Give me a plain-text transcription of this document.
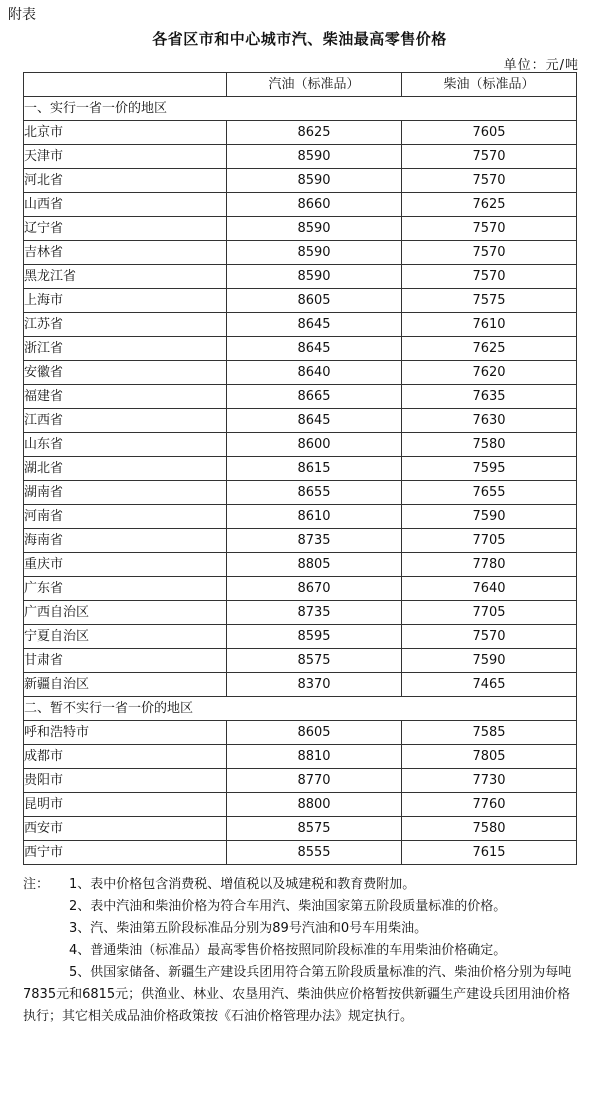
附表
各省区市和中心城市汽、柴油最高零售价格
单位：元/吨
	汽油（标准品）	柴油（标准品）
一、实行一省一价的地区		
北京市	8625	7605
天津市	8590	7570
河北省	8590	7570
山西省	8660	7625
辽宁省	8590	7570
吉林省	8590	7570
黑龙江省	8590	7570
上海市	8605	7575
江苏省	8645	7610
浙江省	8645	7625
安徽省	8640	7620
福建省	8665	7635
江西省	8645	7630
山东省	8600	7580
湖北省	8615	7595
湖南省	8655	7655
河南省	8610	7590
海南省	8735	7705
重庆市	8805	7780
广东省	8670	7640
广西自治区	8735	7705
宁夏自治区	8595	7570
甘肃省	8575	7590
新疆自治区	8370	7465
二、暂不实行一省一价的地区		
呼和浩特市	8605	7585
成都市	8810	7805
贵阳市	8770	7730
昆明市	8800	7760
西安市	8575	7580
西宁市	8555	7615

注：	1、表中价格包含消费税、增值税以及城建税和教育费附加。

2、表中汽油和柴油价格为符合车用汽、柴油国家第五阶段质量标准的价格。

3、汽、柴油第五阶段标准品分别为89号汽油和0号车用柴油。

4、普通柴油（标准品）最高零售价格按照同阶段标准的车用柴油价格确定。

5、供国家储备、新疆生产建设兵团用符合第五阶段质量标准的汽、柴油价格分别为每吨7835元和6815元；供渔业、林业、农垦用汽、柴油供应价格暂按供新疆生产建设兵团用油价格执行；其它相关成品油价格政策按《石油价格管理办法》规定执行。
